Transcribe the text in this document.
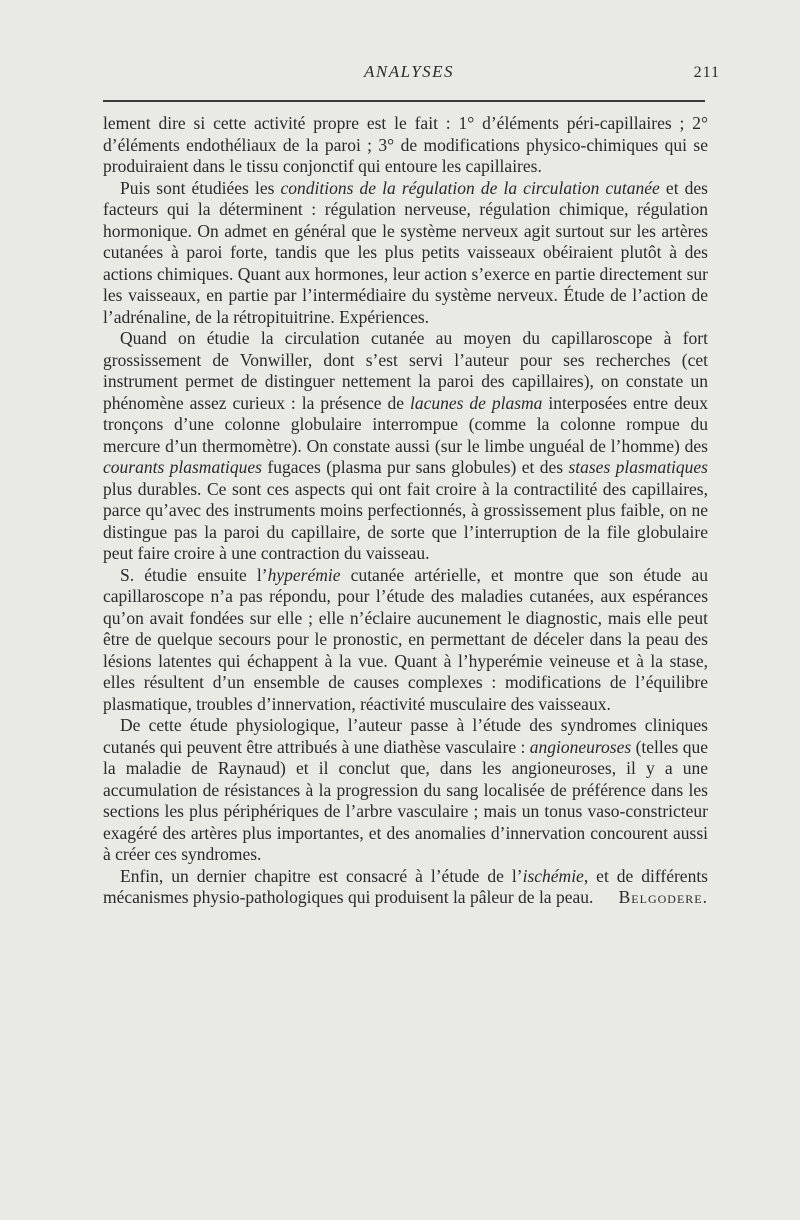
ANALYSES	211

lement dire si cette activité propre est le fait : 1° d’éléments péri-capillaires ; 2° d’éléments endothéliaux de la paroi ; 3° de modifications physico-chimiques qui se produiraient dans le tissu conjonctif qui entoure les capillaires.

Puis sont étudiées les conditions de la régulation de la circulation cutanée et des facteurs qui la déterminent : régulation nerveuse, régulation chimique, régulation hormonique. On admet en général que le système nerveux agit surtout sur les artères cutanées à paroi forte, tandis que les plus petits vaisseaux obéiraient plutôt à des actions chimiques. Quant aux hormones, leur action s’exerce en partie directement sur les vaisseaux, en partie par l’intermédiaire du système nerveux. Étude de l’action de l’adrénaline, de la rétropituitrine. Expériences.

Quand on étudie la circulation cutanée au moyen du capillaroscope à fort grossissement de Vonwiller, dont s’est servi l’auteur pour ses recherches (cet instrument permet de distinguer nettement la paroi des capillaires), on constate un phénomène assez curieux : la présence de lacunes de plasma interposées entre deux tronçons d’une colonne globulaire interrompue (comme la colonne rompue du mercure d’un thermomètre). On constate aussi (sur le limbe unguéal de l’homme) des courants plasmatiques fugaces (plasma pur sans globules) et des stases plasmatiques plus durables. Ce sont ces aspects qui ont fait croire à la contractilité des capillaires, parce qu’avec des instruments moins perfectionnés, à grossissement plus faible, on ne distingue pas la paroi du capillaire, de sorte que l’interruption de la file globulaire peut faire croire à une contraction du vaisseau.

S. étudie ensuite l’hyperémie cutanée artérielle, et montre que son étude au capillaroscope n’a pas répondu, pour l’étude des maladies cutanées, aux espérances qu’on avait fondées sur elle ; elle n’éclaire aucunement le diagnostic, mais elle peut être de quelque secours pour le pronostic, en permettant de déceler dans la peau des lésions latentes qui échappent à la vue. Quant à l’hyperémie veineuse et à la stase, elles résultent d’un ensemble de causes complexes : modifications de l’équilibre plasmatique, troubles d’innervation, réactivité musculaire des vaisseaux.

De cette étude physiologique, l’auteur passe à l’étude des syndromes cliniques cutanés qui peuvent être attribués à une diathèse vasculaire : angioneuroses (telles que la maladie de Raynaud) et il conclut que, dans les angioneuroses, il y a une accumulation de résistances à la progression du sang localisée de préférence dans les sections les plus périphériques de l’arbre vasculaire ; mais un tonus vaso-constricteur exagéré des artères plus importantes, et des anomalies d’innervation concourent aussi à créer ces syndromes.

Enfin, un dernier chapitre est consacré à l’étude de l’ischémie, et de différents mécanismes physio-pathologiques qui produisent la pâleur de la peau.	Belgodere.
